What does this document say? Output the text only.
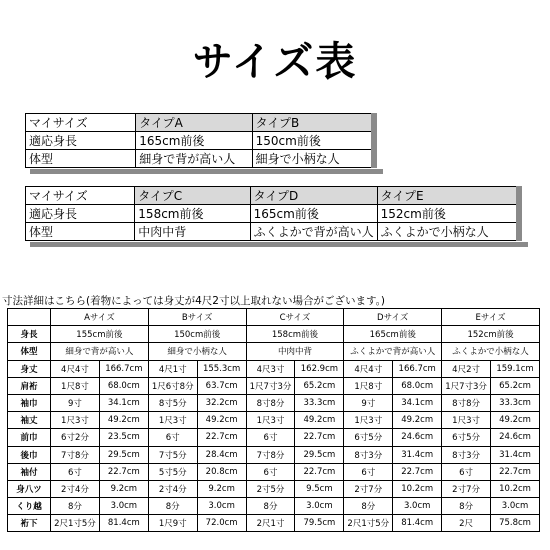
サイズ表
マイサイズ	タイプA	タイプB
適応身長	165cm前後	150cm前後
体型	細身で背が高い人	細身で小柄な人
マイサイズ	タイプC	タイプD	タイプE
適応身長	158cm前後	165cm前後	152cm前後
体型	中肉中背	ふくよかで背が高い人	ふくよかで小柄な人
寸法詳細はこちら(着物によっては身丈が4尺2寸以上取れない場合がございます。)
	Aサイズ		Bサイズ		Cサイズ		Dサイズ		Eサイズ	
身長	155cm前後		150cm前後		158cm前後		165cm前後		152cm前後	
体型	細身で背が高い人		細身で小柄な人		中肉中背		ふくよかで背が高い人		ふくよかで小柄な人	
身丈	4尺4寸	166.7cm	4尺1寸	155.3cm	4尺3寸	162.9cm	4尺4寸	166.7cm	4尺2寸	159.1cm
肩裄	1尺8寸	68.0cm	1尺6寸8分	63.7cm	1尺7寸3分	65.2cm	1尺8寸	68.0cm	1尺7寸3分	65.2cm
袖巾	9寸	34.1cm	8寸5分	32.2cm	8寸8分	33.3cm	9寸	34.1cm	8寸8分	33.3cm
袖丈	1尺3寸	49.2cm	1尺3寸	49.2cm	1尺3寸	49.2cm	1尺3寸	49.2cm	1尺3寸	49.2cm
前巾	6寸2分	23.5cm	6寸	22.7cm	6寸	22.7cm	6寸5分	24.6cm	6寸5分	24.6cm
後巾	7寸8分	29.5cm	7寸5分	28.4cm	7寸8分	29.5cm	8寸3分	31.4cm	8寸3分	31.4cm
袖付	6寸	22.7cm	5寸5分	20.8cm	6寸	22.7cm	6寸	22.7cm	6寸	22.7cm
身八ツ	2寸4分	9.2cm	2寸4分	9.2cm	2寸5分	9.5cm	2寸7分	10.2cm	2寸7分	10.2cm
くり越	8分	3.0cm	8分	3.0cm	8分	3.0cm	8分	3.0cm	8分	3.0cm
裄下	2尺1寸5分	81.4cm	1尺9寸	72.0cm	2尺1寸	79.5cm	2尺1寸5分	81.4cm	2尺	75.8cm
